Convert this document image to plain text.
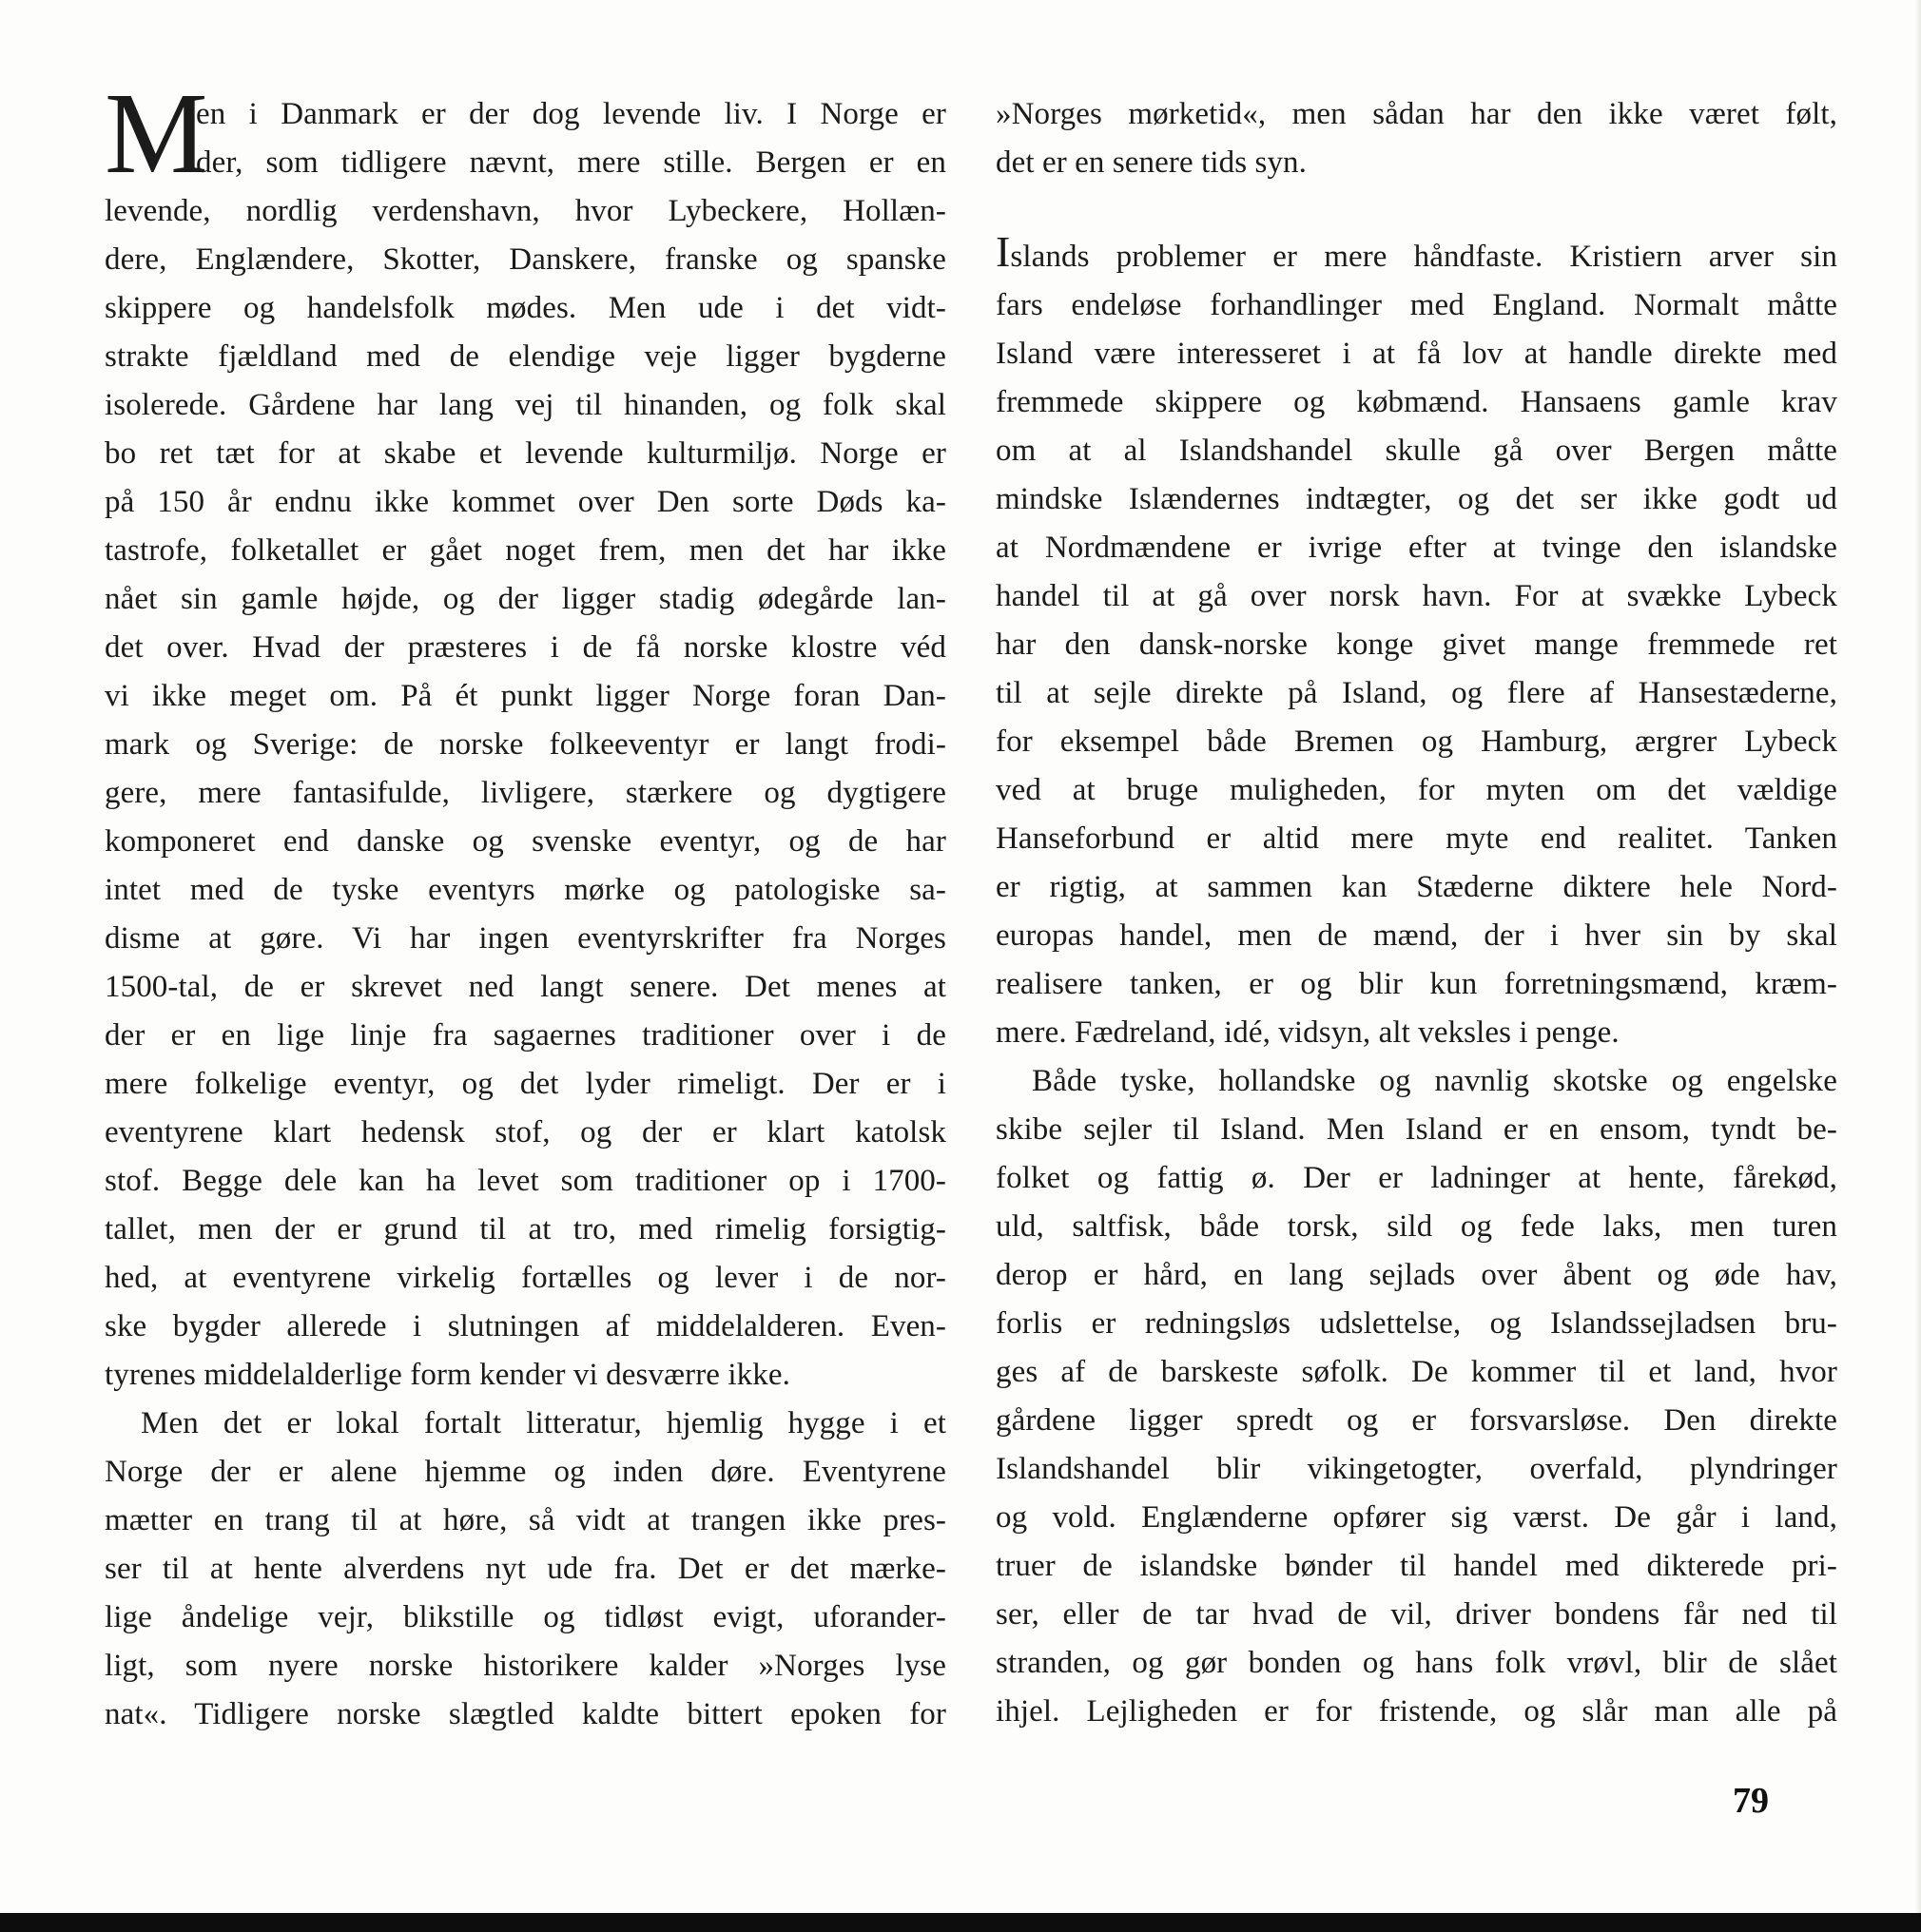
M
en i Danmark er der dog levende liv. I Norge er
der, som tidligere nævnt, mere stille. Bergen er en
levende, nordlig verdenshavn, hvor Lybeckere, Hollæn-
dere, Englændere, Skotter, Danskere, franske og spanske
skippere og handelsfolk mødes. Men ude i det vidt-
strakte fjældland med de elendige veje ligger bygderne
isolerede. Gårdene har lang vej til hinanden, og folk skal
bo ret tæt for at skabe et levende kulturmiljø. Norge er
på 150 år endnu ikke kommet over Den sorte Døds ka-
tastrofe, folketallet er gået noget frem, men det har ikke
nået sin gamle højde, og der ligger stadig ødegårde lan-
det over. Hvad der præsteres i de få norske klostre véd
vi ikke meget om. På ét punkt ligger Norge foran Dan-
mark og Sverige: de norske folkeeventyr er langt frodi-
gere, mere fantasifulde, livligere, stærkere og dygtigere
komponeret end danske og svenske eventyr, og de har
intet med de tyske eventyrs mørke og patologiske sa-
disme at gøre. Vi har ingen eventyrskrifter fra Norges
1500-tal, de er skrevet ned langt senere. Det menes at
der er en lige linje fra sagaernes traditioner over i de
mere folkelige eventyr, og det lyder rimeligt. Der er i
eventyrene klart hedensk stof, og der er klart katolsk
stof. Begge dele kan ha levet som traditioner op i 1700-
tallet, men der er grund til at tro, med rimelig forsigtig-
hed, at eventyrene virkelig fortælles og lever i de nor-
ske bygder allerede i slutningen af middelalderen. Even-
tyrenes middelalderlige form kender vi desværre ikke.
Men det er lokal fortalt litteratur, hjemlig hygge i et
Norge der er alene hjemme og inden døre. Eventyrene
mætter en trang til at høre, så vidt at trangen ikke pres-
ser til at hente alverdens nyt ude fra. Det er det mærke-
lige åndelige vejr, blikstille og tidløst evigt, uforander-
ligt, som nyere norske historikere kalder »Norges lyse
nat«. Tidligere norske slægtled kaldte bittert epoken for
»Norges mørketid«, men sådan har den ikke været følt,
det er en senere tids syn.
Islands problemer er mere håndfaste. Kristiern arver sin
fars endeløse forhandlinger med England. Normalt måtte
Island være interesseret i at få lov at handle direkte med
fremmede skippere og købmænd. Hansaens gamle krav
om at al Islandshandel skulle gå over Bergen måtte
mindske Islændernes indtægter, og det ser ikke godt ud
at Nordmændene er ivrige efter at tvinge den islandske
handel til at gå over norsk havn. For at svække Lybeck
har den dansk-norske konge givet mange fremmede ret
til at sejle direkte på Island, og flere af Hansestæderne,
for eksempel både Bremen og Hamburg, ærgrer Lybeck
ved at bruge muligheden, for myten om det vældige
Hanseforbund er altid mere myte end realitet. Tanken
er rigtig, at sammen kan Stæderne diktere hele Nord-
europas handel, men de mænd, der i hver sin by skal
realisere tanken, er og blir kun forretningsmænd, kræm-
mere. Fædreland, idé, vidsyn, alt veksles i penge.
Både tyske, hollandske og navnlig skotske og engelske
skibe sejler til Island. Men Island er en ensom, tyndt be-
folket og fattig ø. Der er ladninger at hente, fårekød,
uld, saltfisk, både torsk, sild og fede laks, men turen
derop er hård, en lang sejlads over åbent og øde hav,
forlis er redningsløs udslettelse, og Islandssejladsen bru-
ges af de barskeste søfolk. De kommer til et land, hvor
gårdene ligger spredt og er forsvarsløse. Den direkte
Islandshandel blir vikingetogter, overfald, plyndringer
og vold. Englænderne opfører sig værst. De går i land,
truer de islandske bønder til handel med dikterede pri-
ser, eller de tar hvad de vil, driver bondens får ned til
stranden, og gør bonden og hans folk vrøvl, blir de slået
ihjel. Lejligheden er for fristende, og slår man alle på
79
